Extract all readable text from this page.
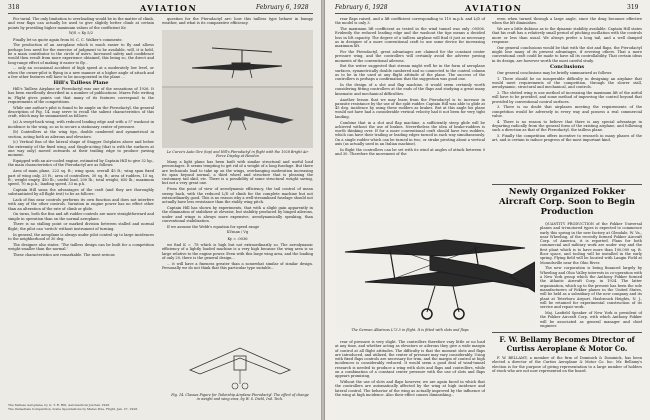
318	AVIATION	February 6, 1928

For turial. The only limitation to overloading would be in the matter of climb, and rear flaps can actually be used to give slightly better climb at certain points by providing higher maximum values of the coefficient Kv.

W/S = Ky 5/2

Finally let us quote again from M. C. C. Walker's comments:

The production of an aeroplane which is much easier to fly and allows perhaps less need for the exercise of judgment to be available, will, it is held, be a main contributor to the circle of users. Increased safety and confidence would then result from more experience obtained, this being so, the direct and long-range effect of making it easier to fly...

... only an occasional accident of high speed at a moderately low level, or when the owner-pilot is flying in a new manner at a higher angle of attack and a few other features will have to be incorporated in the plane ...

Hill's Tailless Plane

Hill's Tailless Airplane or Pterodactyl was one of the sensations of 1926. It has been excellently described in a number of publications. Mares Pole writing in Flight gives points out that many of its features correspond to the requirements of the competitions.

While one author's pilot is found to be ample on the Pterodactyl, the general description of Fig. 14, may serve to recall the salient characteristics of this craft, which may be summarized as follows:

(a) A swept-back wing, with reduced leading edge and with a 5° washout in incidence to the wing, so as to secure a stationary center of pressure.

(b) Controllers at the wing tips, double cambered and symmetrical in section, acting both as ailerons and elevators.

(c) Vertical fins of the lateral shape of Stagger Dotplates above and below the extremity of the fixed wing, and Single-acting (that is with the surfaces at one way only) moved outwards at their trailing edge to produce yawing moment.

Equipped with an air-cooled engine, estimated by Captain Hill to give 32 hp., the main characteristics of the Pterodactyl are as follows:

Area of main plane, 223 sq. ft.; wing span, overall 45 ft.; wing span fixed part of wing only, 25 ft.; area of controllers, 30 sq. ft.; area of rudders, 15 sq. ft.; weight empty, 450 lb.; useful load, 200 lb.; total weight, 650 lb.; maximum speed, 70 m.p.h.; landing speed, 33 m.p.h.

Captain Hill sums the advantages of the craft (and they are thoroughly substantiated by all flight test) to be as follows:

Lack of fins near controls performs its own function and does not interfere with any of the other controls. Variation in engine power has no effect other than an alteration of the rate of climb or glide.

On turns, both the fins and aft rudder controls are more straightforward and simple in operation than on the normal aeroplane.

There is no stalling point or marked division between stalled and normal flight; the pilot can 'switch' without instrument of turning.

In general, the aeroplane is always under pilot control up to large incidences to the neighborhood of 30 deg.

The designer also states: 'The tailless design can be built for a competition weight smaller than the normal.'

These characteristics are remarkable. The most serious

question for the Pterodactyl are: how this tailless type behave in bumpy weather, and what is its comparative efficiency.

Le Curve's Auto Gire (top) and Hill's Pterodactyl in flight with the 1928 Bright Air Force Display at Hendon

Many a light plane has been built with similar structural and useful load percentages. It seems tempting to get rid of a weight of a long fuselage. But there are technicals load to take up on the wings, overhanging moderation increasing its span beyond normal, a third wheel and structure that is pleasing the customary tail skid, etc. There is a possibility of some structural weight saving, but not a very great one.

From the point of view of aerodynamic efficiency, the tail control of mean sweep back, with the reduced L/D of climb for the complete machine but not extraordinarily good. This is no reason why a well-streamlined fuselage should not actually have less resistance than the stably wing pitch.

Captain Hill has shown by experiments, that with a slight gain apparently in the elimination of stabilizer at elevator, but stability produced by hinged ailerons, under and wings is always more expensive, aerodynamically speaking, than conventional stabilization.

If we assume the Webb's equation for speed range

KVmax / Vg

Ky = .0036

we find K = .78 which is high but not extraordinarily so. The aerodynamic efficiency of a lightly loaded machine is a very high because the wing area is so large relative to the engine power. Even with this large wing area, and the loading of only 20, there is the general design...

... it will have a fineness greater than a somewhat similar of similar design. Personally we do not think that this particular type suitable...

Fig. 14. Classes Figure for Tailorship Airplane Pterodactyl. The effect of change in weight and wing area, by W. S. Diehl, Ind. Tech.
The Tailless Aeroplane, by G. T. R. Hill, Aeronautical Journal, 1928.
The Immediate Competition, Some Speculations by Mares Pole, Flight, Jan. 27, 1928.
February 6, 1928	AVIATION	319

rear flaps raised, and a lift coefficient corresponding to 110 m.p.h. and L/D of the model is only 3.

The maximum lift coefficient as tested in the wind tunnel was only .00506. Evidently the reduced leading edge and the washout the tips means a decided loss in lift capacity. The degree of a tailless airplane will find it just as necessary as in designer of a more conventional craft to use some device for increasing maximum lift.

For the Pterodactyl, great advantages are claimed for the constant center pressure wing, and the controllers will certainly avoid the adverse yawing moments of the conventional ailerons.

But the writer suggested that stream might well be in the form of aeroplane surfaces, symmetrically double cambered and so connected to the control column as to be in the used at any flight attitude of the plane. The success of the controllers is perhaps a confirmation that the suggestion was good one.

In the design of a slot and flap machine, it would seem certainly worth considering fitting controllers at the ends of the flaps and studying a great many kinematic and mechanical difficulties.

Another lesson that we may learn from the Pterodactyl is to increase in parasite resistance by the use of the split rudder. Captain Hill was able to glide at 45 deg. incidence by using these rudders as brakes. But at this angle his plane would not have had a considerable vertical velocity had it not been for very tight landing.

Combine that in a slot and flap machine, a sufficiently steep glide will be achieved without the use of brakes. Nevertheless the idea of brake-rudders is worth thinking over. If for a more conventional craft should have two rudders, which can have their trailing or leading edges turned in each way simultaneously. On a single rudder which can be turned in two, or strake pivoting about a vertical axis (as actually used in an Italian machine).

In flight the controllers can be set with its wind at angles of attack between 0 and 30. Therefore the movement of the

The German Albatross L73.5 in flight. It is fitted with slots and flaps

rear of pressure is very slight. The controllers therefore vary little or no load at any time, and whether acting as elevators or ailerons they give a wide margin of control at all flight attitudes. The difficulty is that the moment slots and flaps are introduced, and utilized, the center of pressure may vary considerably. Using with fixed flaps controls are necessary for trim, and the margin of control at high incidences is considerably reduced. It would seem a good deal of wind-tunnel research is needed to produce a wing with slots and flaps and controllers, while on a combination of a constant center pressure with the use of slots and flaps appears promising.

Without the use of slots and flaps however, we are again faced in which that the controllers are automatically affected by the wing at high incidence and lateral control. The behavior of the wing as actually improved by the influence of the wing at high incidence. Also their effect causes diminishing...

even when turned through a large angle, since the drag becomes effective when the lift diminishes.

We are a little dubious as to the dynamic stability available. Captain Hill states that his craft has a relatively small period of pitching oscillation with the controls more or less than usual. We always prefer a long tail, and a well damped response.

Our general conclusions would be that with the slot and flaps, the Pterodactyl might lose many of its present advantages, if severing others. That a more conventional craft could be made to have all its controllability. That certain ideas in its design, are however worth the most careful study.

Conclusions

Our general conclusions may be briefly summarized as follows:

1. There should be no insuperable difficulty in designing an airplane that would meet requirements of the competition, through the slower stall, aerodynamic, structural and mechanical, and controls.

2. The slotted wing is one method of increasing the maximum lift of the airfoil will have to be provided, and some method of improving the control beyond that provided by conventional control surfaces.

3. There is no doubt that airplanes meeting the requirements of the competition would be adversely in every way and possess a real commercial value.

4. There is no reason to believe that there is any special advantage in departing radically from the general form of the existing airplane, and following such a direction as that of the Pterodactyl, the tailless plane.

5. Finally the competition offers incentive to research in many phases of the art, and is certain to induce progress of the most important kind.

Newly Organized Fokker Aircraft Corp. Soon to Begin Production

QUANTITY PRODUCTION of the Fokker Universal planes and tri-motored types is expected to commence early this spring in the new factory at Glendale, W. Va., near Wheeling, of the recently formed Fokker Aircraft Corp. of America, it is reported. Plans for both commercial and military work are under way and the first plant which is to have more than 100,000 sq. ft. floor space, and tooling will be installed in the early spring. Flying field will be located with Langin Field at Moundsville near the Ohio River.

The new corporation is being financed largely by Wheeling and Ohio Valley interests in co-operation with a New York group which the Anthony Fokker formed the Atlantic Aircraft Corp. in 1924. The latter organization, which up to the present has been the sole manufacturers of Fokker planes in the United States, will be held as a subsidiary of the new company and its plant at Teterboro Airport, Hasbrouck Heights, N. J., will be retained for experimental construction of its service and repair work.

Maj. Lanfield Speaker of New York is president of the Fokker Aircraft Corp. with which Anthony Fokker will be associated as general manager and chief engineer.

F. W. Bellamy Becomes Director of Curtiss Aeroplane & Motor Co.

F. W. BELLAMY, a member of the firm of Dominick & Dominick, has been elected a director of the Curtiss Aeroplane & Motor Co. Inc. Mr. Bellamy's election is for the purpose of giving representation to a large number of holders of stock who are not now represented on the board.
